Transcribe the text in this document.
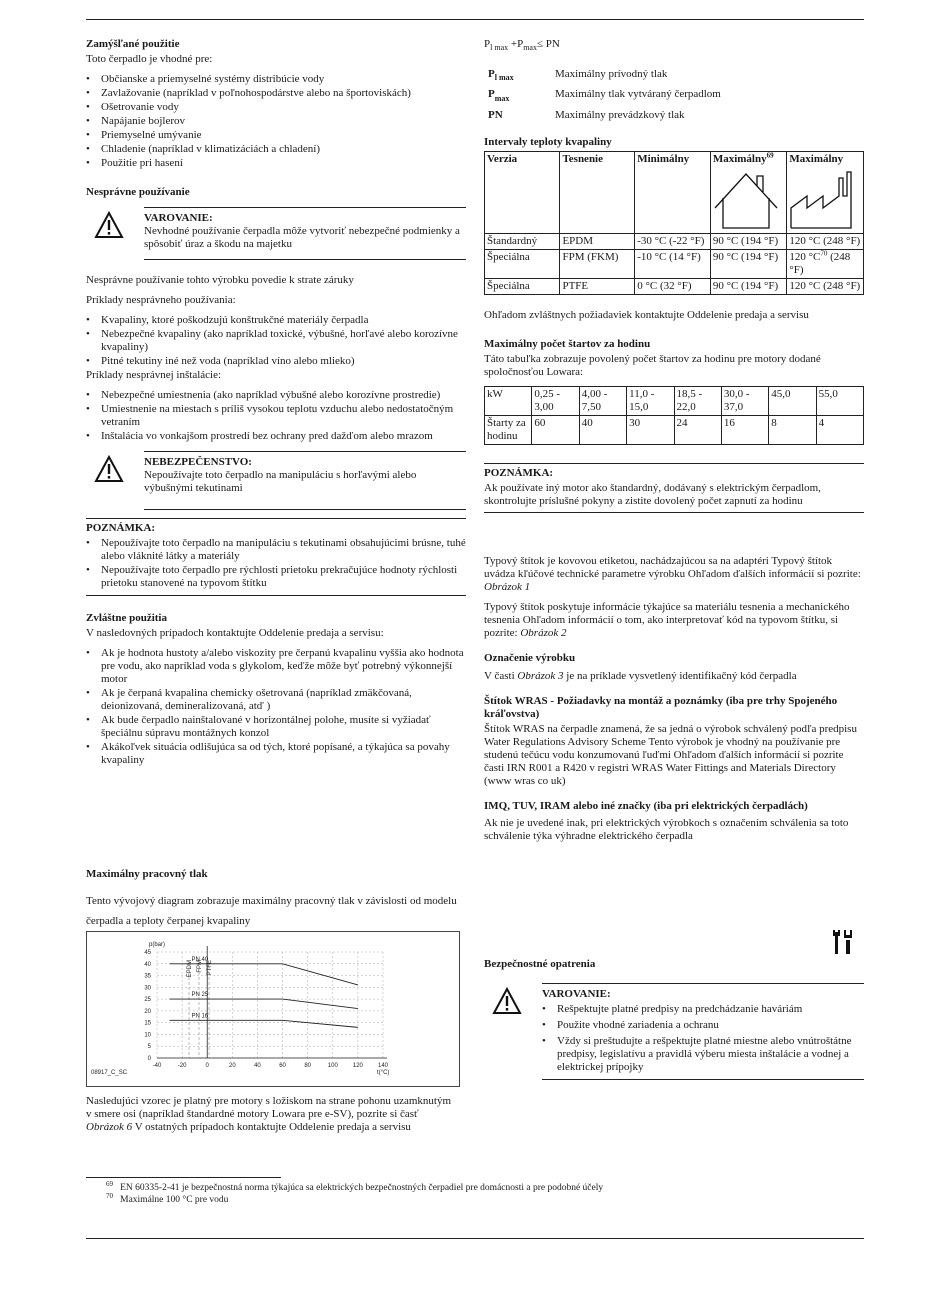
Zamýšľané použitie

Toto čerpadlo je vhodné pre:

• Občianske a priemyselné systémy distribúcie vody
• Zavlažovanie (napríklad v poľnohospodárstve alebo na športoviskách)
• Ošetrovanie vody
• Napájanie bojlerov
• Priemyselné umývanie
• Chladenie (napríklad v klimatizáciách a chladení)
• Použitie pri hasení
Nesprávne používanie
VAROVANIE:
Nevhodné používanie čerpadla môže vytvoriť nebezpečné podmienky a spôsobiť úraz a škodu na majetku

Nesprávne používanie tohto výrobku povedie k strate záruky

Príklady nesprávneho používania:

• Kvapaliny, ktoré poškodzujú konštrukčné materiály čerpadla
• Nebezpečné kvapaliny (ako napríklad toxické, výbušné, horľavé alebo korozívne kvapaliny)
• Pitné tekutiny iné než voda (napríklad víno alebo mlieko)

Príklady nesprávnej inštalácie:

• Nebezpečné umiestnenia (ako napríklad výbušné alebo korozívne prostredie)
• Umiestnenie na miestach s príliš vysokou teplotu vzduchu alebo nedostatočným vetraním
• Inštalácia vo vonkajšom prostredí bez ochrany pred dažďom alebo mrazom
NEBEZPEČENSTVO:
Nepoužívajte toto čerpadlo na manipuláciu s horľavými alebo výbušnými tekutinami
POZNÁMKA:
• Nepoužívajte toto čerpadlo na manipuláciu s tekutinami obsahujúcimi brúsne, tuhé alebo vláknité látky a materiály
• Nepoužívajte toto čerpadlo pre rýchlosti prietoku prekračujúce hodnoty rýchlosti prietoku stanovené na typovom štítku
Zvláštne použitia

V nasledovných prípadoch kontaktujte Oddelenie predaja a servisu:

• Ak je hodnota hustoty a/alebo viskozity pre čerpanú kvapalinu vyššia ako hodnota pre vodu, ako napríklad voda s glykolom, keďže môže byť potrebný výkonnejší motor
• Ak je čerpaná kvapalina chemicky ošetrovaná (napríklad zmäkčovaná, deionizovaná, demineralizovaná, atď )
• Ak bude čerpadlo nainštalované v horizontálnej polohe, musíte si vyžiadať špeciálnu súpravu montážnych konzol
• Akákoľvek situácia odlišujúca sa od tých, ktoré popísané, a týkajúca sa povahy kvapaliny
Maximálny pracovný tlak

Tento vývojový diagram zobrazuje maximálny pracovný tlak v závislosti od modelu čerpadla a teploty čerpanej kvapaliny

0
5
10
15
20
25
30
35
40
45
-40	-20	0	20	40	60	80	100	120	140
p(bar)
t(°C)
08917_C_SC
EPDM FPM PTFE
PN 40
PN 25
PN 16

Nasledujúci vzorec je platný pre motory s ložiskom na strane pohonu uzamknutým v smere osi (napríklad štandardné motory Lowara pre e-SV), pozrite si časť Obrázok 6 V ostatných prípadoch kontaktujte Oddelenie predaja a servisu

$P_{l max} +P_{max}\le$ PN

$P_{l max}$	Maximálny prívodný tlak
$P_{max}$	Maximálny tlak vytváraný čerpadlom
PN	Maximálny prevádzkový tlak
Intervaly teploty kvapaliny
Verzia	Tesnenie	Minimálny	Maximálny$^{69}$	Maximálny

Štandardný	EPDM	-30 °C (-22 °F)	90 °C (194 °F)	120 °C (248 °F)
Špeciálna	FPM (FKM)	-10 °C (14 °F)	90 °C (194 °F)	120 $^\circ C^{70}$ (248 °F)
Špeciálna	PTFE	0 °C (32 °F)	90 °C (194 °F)	120 °C (248 °F)

Ohľadom zvláštnych požiadaviek kontaktujte Oddelenie predaja a servisu

Maximálny počet štartov za hodinu

Táto tabuľka zobrazuje povolený počet štartov za hodinu pre motory dodané spoločnosťou Lowara:

kW	0,25 - 3,00	4,00 - 7,50	11,0 - 15,0	18,5 - 22,0	30,0 - 37,0	45,0	55,0
Štarty za hodinu	60	40	30	24	16	8	4
POZNÁMKA:
Ak používate iný motor ako štandardný, dodávaný s elektrickým čerpadlom, skontrolujte príslušné pokyny a zistite dovolený počet zapnutí za hodinu

Typový štítok je kovovou etiketou, nachádzajúcou sa na adaptéri Typový štítok uvádza kľúčové technické parametre výrobku Ohľadom ďalších informácií si pozrite: Obrázok 1

Typový štítok poskytuje informácie týkajúce sa materiálu tesnenia a mechanického tesnenia Ohľadom informácií o tom, ako interpretovať kód na typovom štítku, si pozrite: Obrázok 2

Označenie výrobku

V časti Obrázok 3 je na príklade vysvetlený identifikačný kód čerpadla

Štítok WRAS - Požiadavky na montáž a poznámky (iba pre trhy Spojeného kráľovstva)

Štítok WRAS na čerpadle znamená, že sa jedná o výrobok schválený podľa predpisu Water Regulations Advisory Scheme Tento výrobok je vhodný na používanie pre studenú tečúcu vodu konzumovanú ľuďmi Ohľadom ďalších informácií si pozrite časti IRN R001 a R420 v registri WRAS Water Fittings and Materials Directory (www wras co uk)

IMQ, TUV, IRAM alebo iné značky (iba pri elektrických čerpadlách)

Ak nie je uvedené inak, pri elektrických výrobkoch s označením schválenia sa toto schválenie týka výhradne elektrického čerpadla

Bezpečnostné opatrenia
VAROVANIE:
• Rešpektujte platné predpisy na predchádzanie haváriám
• Použite vhodné zariadenia a ochranu
• Vždy si preštudujte a rešpektujte platné miestne alebo vnútroštátne predpisy, legislatívu a pravidlá výberu miesta inštalácie a vodnej a elektrickej prípojky
$^{69}$ EN 60335-2-41 je bezpečnostná norma týkajúca sa elektrických bezpečnostných čerpadiel pre domácnosti a pre podobné účely
$^{70}$ Maximálne 100 °C pre vodu
